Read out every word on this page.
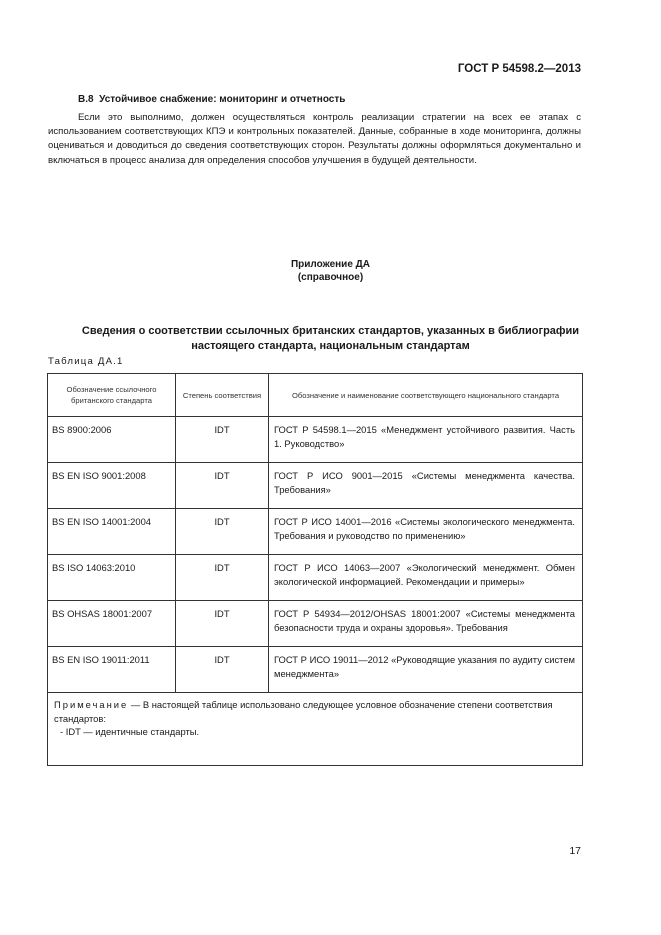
ГОСТ Р 54598.2—2013
В.8 Устойчивое снабжение: мониторинг и отчетность

Если это выполнимо, должен осуществляться контроль реализации стратегии на всех ее этапах с использованием соответствующих КПЭ и контрольных показателей. Данные, собранные в ходе мониторинга, должны оцениваться и доводиться до сведения соответствующих сторон. Результаты должны оформляться документально и включаться в процесс анализа для определения способов улучшения в будущей деятельности.

Приложение ДА
(справочное)
Сведения о соответствии ссылочных британских стандартов, указанных в библиографии настоящего стандарта, национальным стандартам
Таблица ДА.1
Обозначение ссылочного британского стандарта	Степень соответствия	Обозначение и наименование соответствующего национального стандарта

BS 8900:2006	IDT	ГОСТ Р 54598.1—2015 «Менеджмент устойчивого развития. Часть 1. Руководство»
BS EN ISO 9001:2008	IDT	ГОСТ Р ИСО 9001—2015 «Системы менеджмента качества. Требования»
BS EN ISO 14001:2004	IDT	ГОСТ Р ИСО 14001—2016 «Системы экологического менеджмента. Требования и руководство по применению»
BS ISO 14063:2010	IDT	ГОСТ Р ИСО 14063—2007 «Экологический менеджмент. Обмен экологической информацией. Рекомендации и примеры»
BS OHSAS 18001:2007	IDT	ГОСТ Р 54934—2012/OHSAS 18001:2007 «Системы менеджмента безопасности труда и охраны здоровья». Требования
BS EN ISO 19011:2011	IDT	ГОСТ Р ИСО 19011—2012 «Руководящие указания по аудиту систем менеджмента»
Примечание — В настоящей таблице использовано следующее условное обозначение степени соответствия стандартов:
- IDT — идентичные стандарты.		
17
